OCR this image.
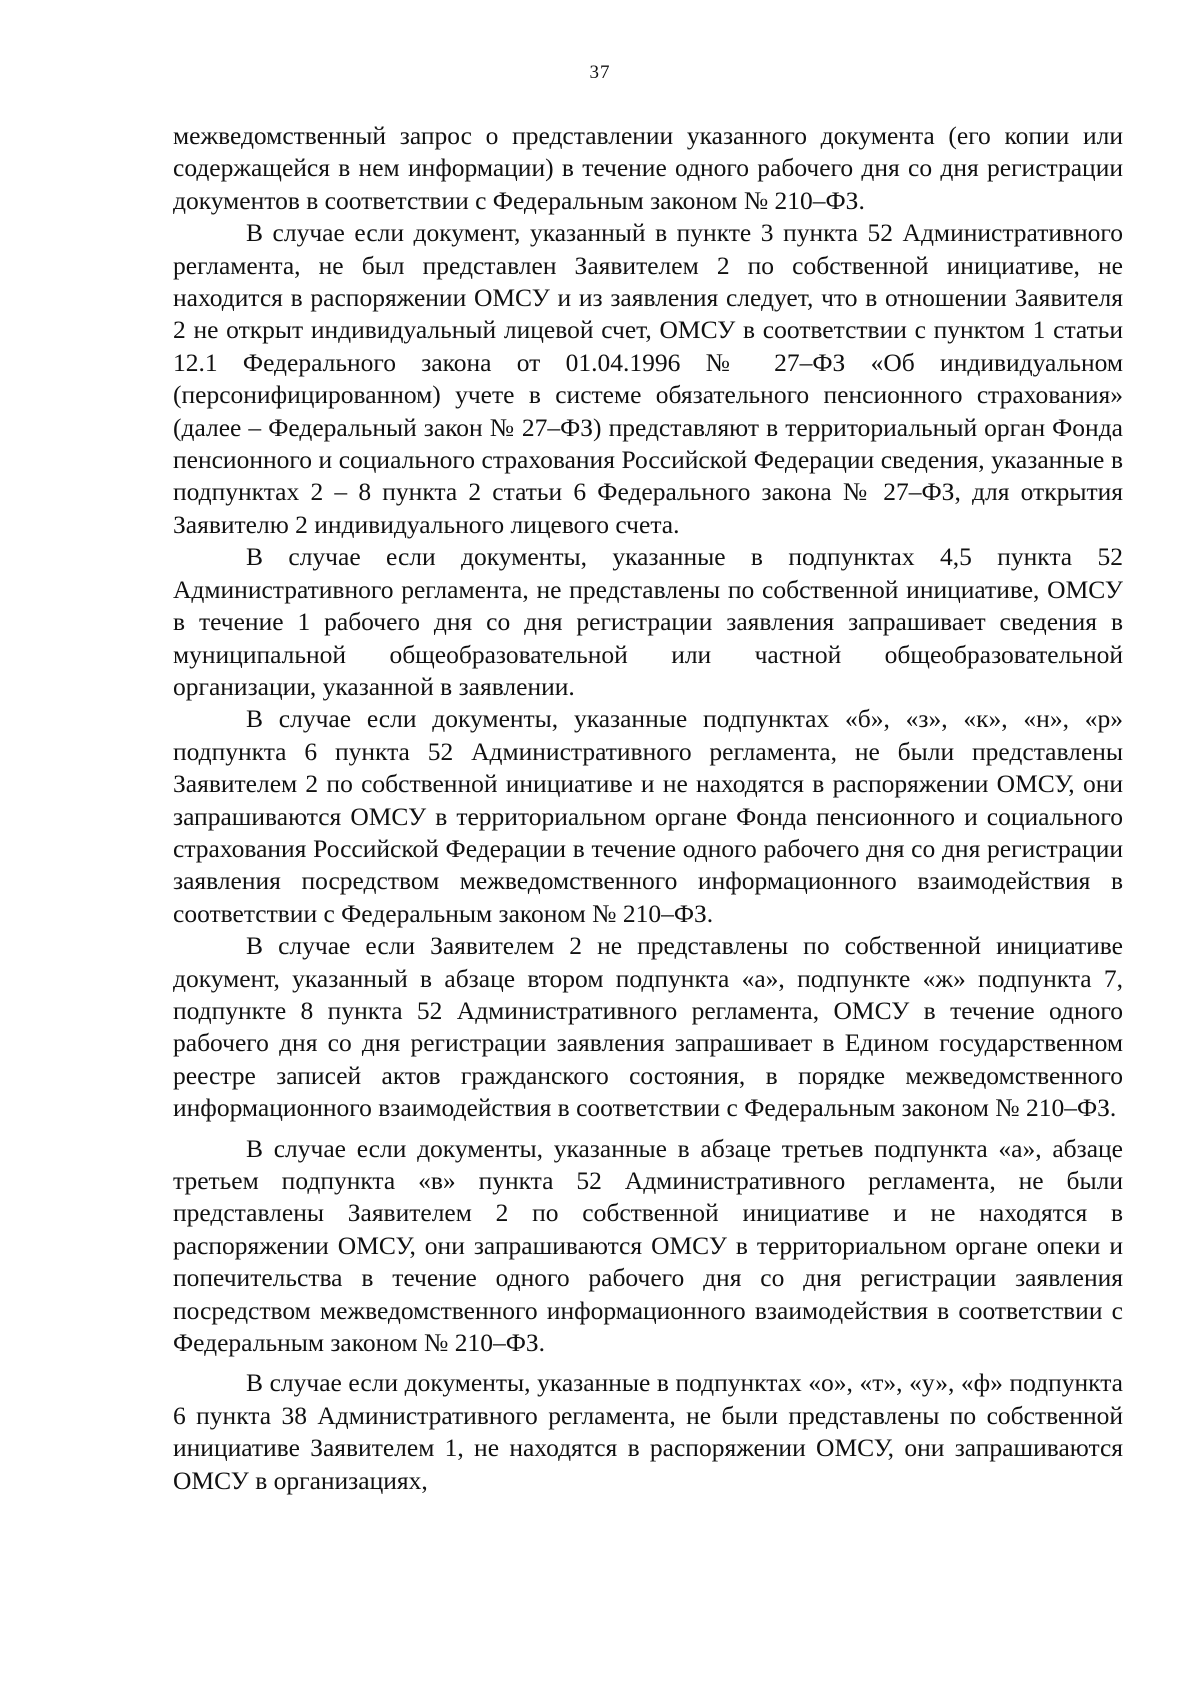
37

межведомственный запрос о представлении указанного документа (его копии или содержащейся в нем информации) в течение одного рабочего дня со дня регистрации документов в соответствии с Федеральным законом № 210–ФЗ.

В случае если документ, указанный в пункте 3 пункта 52 Административного регламента, не был представлен Заявителем 2 по собственной инициативе, не находится в распоряжении ОМСУ и из заявления следует, что в отношении Заявителя 2 не открыт индивидуальный лицевой счет, ОМСУ в соответствии с пунктом 1 статьи 12.1 Федерального закона от 01.04.1996 № 27–ФЗ «Об индивидуальном (персонифицированном) учете в системе обязательного пенсионного страхования» (далее – Федеральный закон № 27–ФЗ) представляют в территориальный орган Фонда пенсионного и социального страхования Российской Федерации сведения, указанные в подпунктах 2 – 8 пункта 2 статьи 6 Федерального закона № 27–ФЗ, для открытия Заявителю 2 индивидуального лицевого счета.

В случае если документы, указанные в подпунктах 4,5 пункта 52 Административного регламента, не представлены по собственной инициативе, ОМСУ в течение 1 рабочего дня со дня регистрации заявления запрашивает сведения в муниципальной общеобразовательной или частной общеобразовательной организации, указанной в заявлении.

В случае если документы, указанные подпунктах «б», «з», «к», «н», «р» подпункта 6 пункта 52 Административного регламента, не были представлены Заявителем 2 по собственной инициативе и не находятся в распоряжении ОМСУ, они запрашиваются ОМСУ в территориальном органе Фонда пенсионного и социального страхования Российской Федерации в течение одного рабочего дня со дня регистрации заявления посредством межведомственного информационного взаимодействия в соответствии с Федеральным законом № 210–ФЗ.

В случае если Заявителем 2 не представлены по собственной инициативе документ, указанный в абзаце втором подпункта «а», подпункте «ж» подпункта 7, подпункте 8 пункта 52 Административного регламента, ОМСУ в течение одного рабочего дня со дня регистрации заявления запрашивает в Едином государственном реестре записей актов гражданского состояния, в порядке межведомственного информационного взаимодействия в соответствии с Федеральным законом № 210–ФЗ.

В случае если документы, указанные в абзаце третьев подпункта «а», абзаце третьем подпункта «в» пункта 52 Административного регламента, не были представлены Заявителем 2 по собственной инициативе и не находятся в распоряжении ОМСУ, они запрашиваются ОМСУ в территориальном органе опеки и попечительства в течение одного рабочего дня со дня регистрации заявления посредством межведомственного информационного взаимодействия в соответствии с Федеральным законом № 210–ФЗ.

В случае если документы, указанные в подпунктах «о», «т», «у», «ф» подпункта 6 пункта 38 Административного регламента, не были представлены по собственной инициативе Заявителем 1, не находятся в распоряжении ОМСУ, они запрашиваются ОМСУ в организациях,
